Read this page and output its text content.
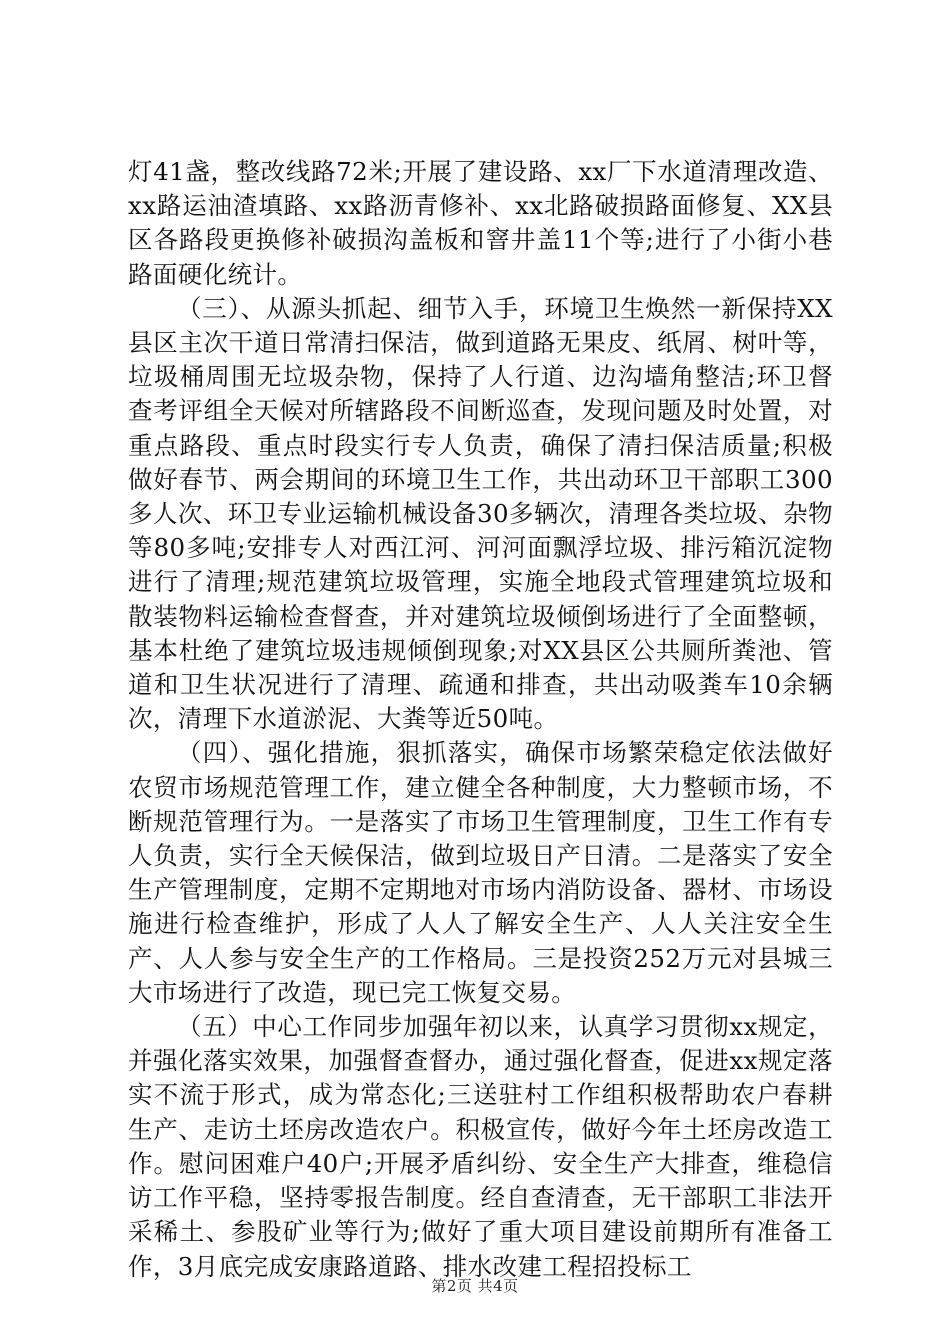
灯41盏，整改线路72米;开展了建设路、xx厂下水道清理改造、xx路运油渣填路、xx路沥青修补、xx北路破损路面修复、XX县区各路段更换修补破损沟盖板和窨井盖11个等;进行了小街小巷路面硬化统计。

（三）、从源头抓起、细节入手，环境卫生焕然一新保持XX县区主次干道日常清扫保洁，做到道路无果皮、纸屑、树叶等，垃圾桶周围无垃圾杂物，保持了人行道、边沟墙角整洁;环卫督查考评组全天候对所辖路段不间断巡查，发现问题及时处置，对重点路段、重点时段实行专人负责，确保了清扫保洁质量;积极做好春节、两会期间的环境卫生工作，共出动环卫干部职工300多人次、环卫专业运输机械设备30多辆次，清理各类垃圾、杂物等80多吨;安排专人对西江河、河河面飘浮垃圾、排污箱沉淀物进行了清理;规范建筑垃圾管理，实施全地段式管理建筑垃圾和散装物料运输检查督查，并对建筑垃圾倾倒场进行了全面整顿，基本杜绝了建筑垃圾违规倾倒现象;对XX县区公共厕所粪池、管道和卫生状况进行了清理、疏通和排查，共出动吸粪车10余辆次，清理下水道淤泥、大粪等近50吨。

（四）、强化措施，狠抓落实，确保市场繁荣稳定依法做好农贸市场规范管理工作，建立健全各种制度，大力整顿市场，不断规范管理行为。一是落实了市场卫生管理制度，卫生工作有专人负责，实行全天候保洁，做到垃圾日产日清。二是落实了安全生产管理制度，定期不定期地对市场内消防设备、器材、市场设施进行检查维护，形成了人人了解安全生产、人人关注安全生产、人人参与安全生产的工作格局。三是投资252万元对县城三大市场进行了改造，现已完工恢复交易。

（五）中心工作同步加强年初以来，认真学习贯彻xx规定，并强化落实效果，加强督查督办，通过强化督查，促进xx规定落实不流于形式，成为常态化;三送驻村工作组积极帮助农户春耕生产、走访土坯房改造农户。积极宣传，做好今年土坯房改造工作。慰问困难户40户;开展矛盾纠纷、安全生产大排查，维稳信访工作平稳，坚持零报告制度。经自查清查，无干部职工非法开采稀土、参股矿业等行为;做好了重大项目建设前期所有准备工作，3月底完成安康路道路、排水改建工程招投标工

第2页 共4页
